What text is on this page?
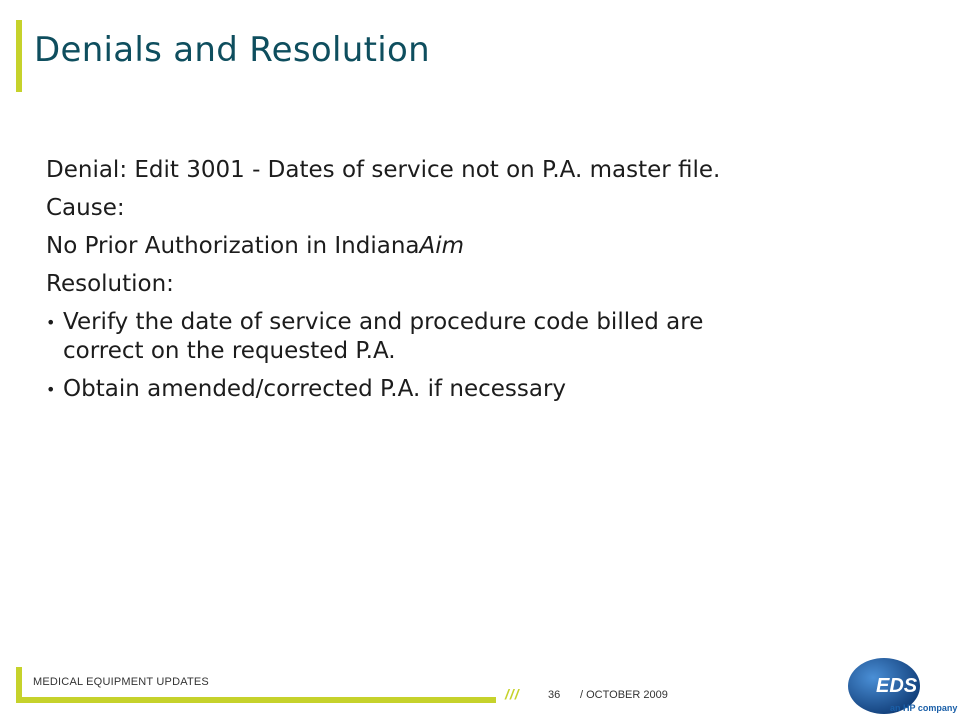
Denials and Resolution

Denial: Edit 3001 - Dates of service not on P.A. master file.

Cause:

No Prior Authorization in IndianaAim

Resolution:

• Verify the date of service and procedure code billed are correct on the requested P.A.
• Obtain amended/corrected P.A. if necessary
MEDICAL EQUIPMENT UPDATES
///	36 / OCTOBER 2009	EDS
an HP company
